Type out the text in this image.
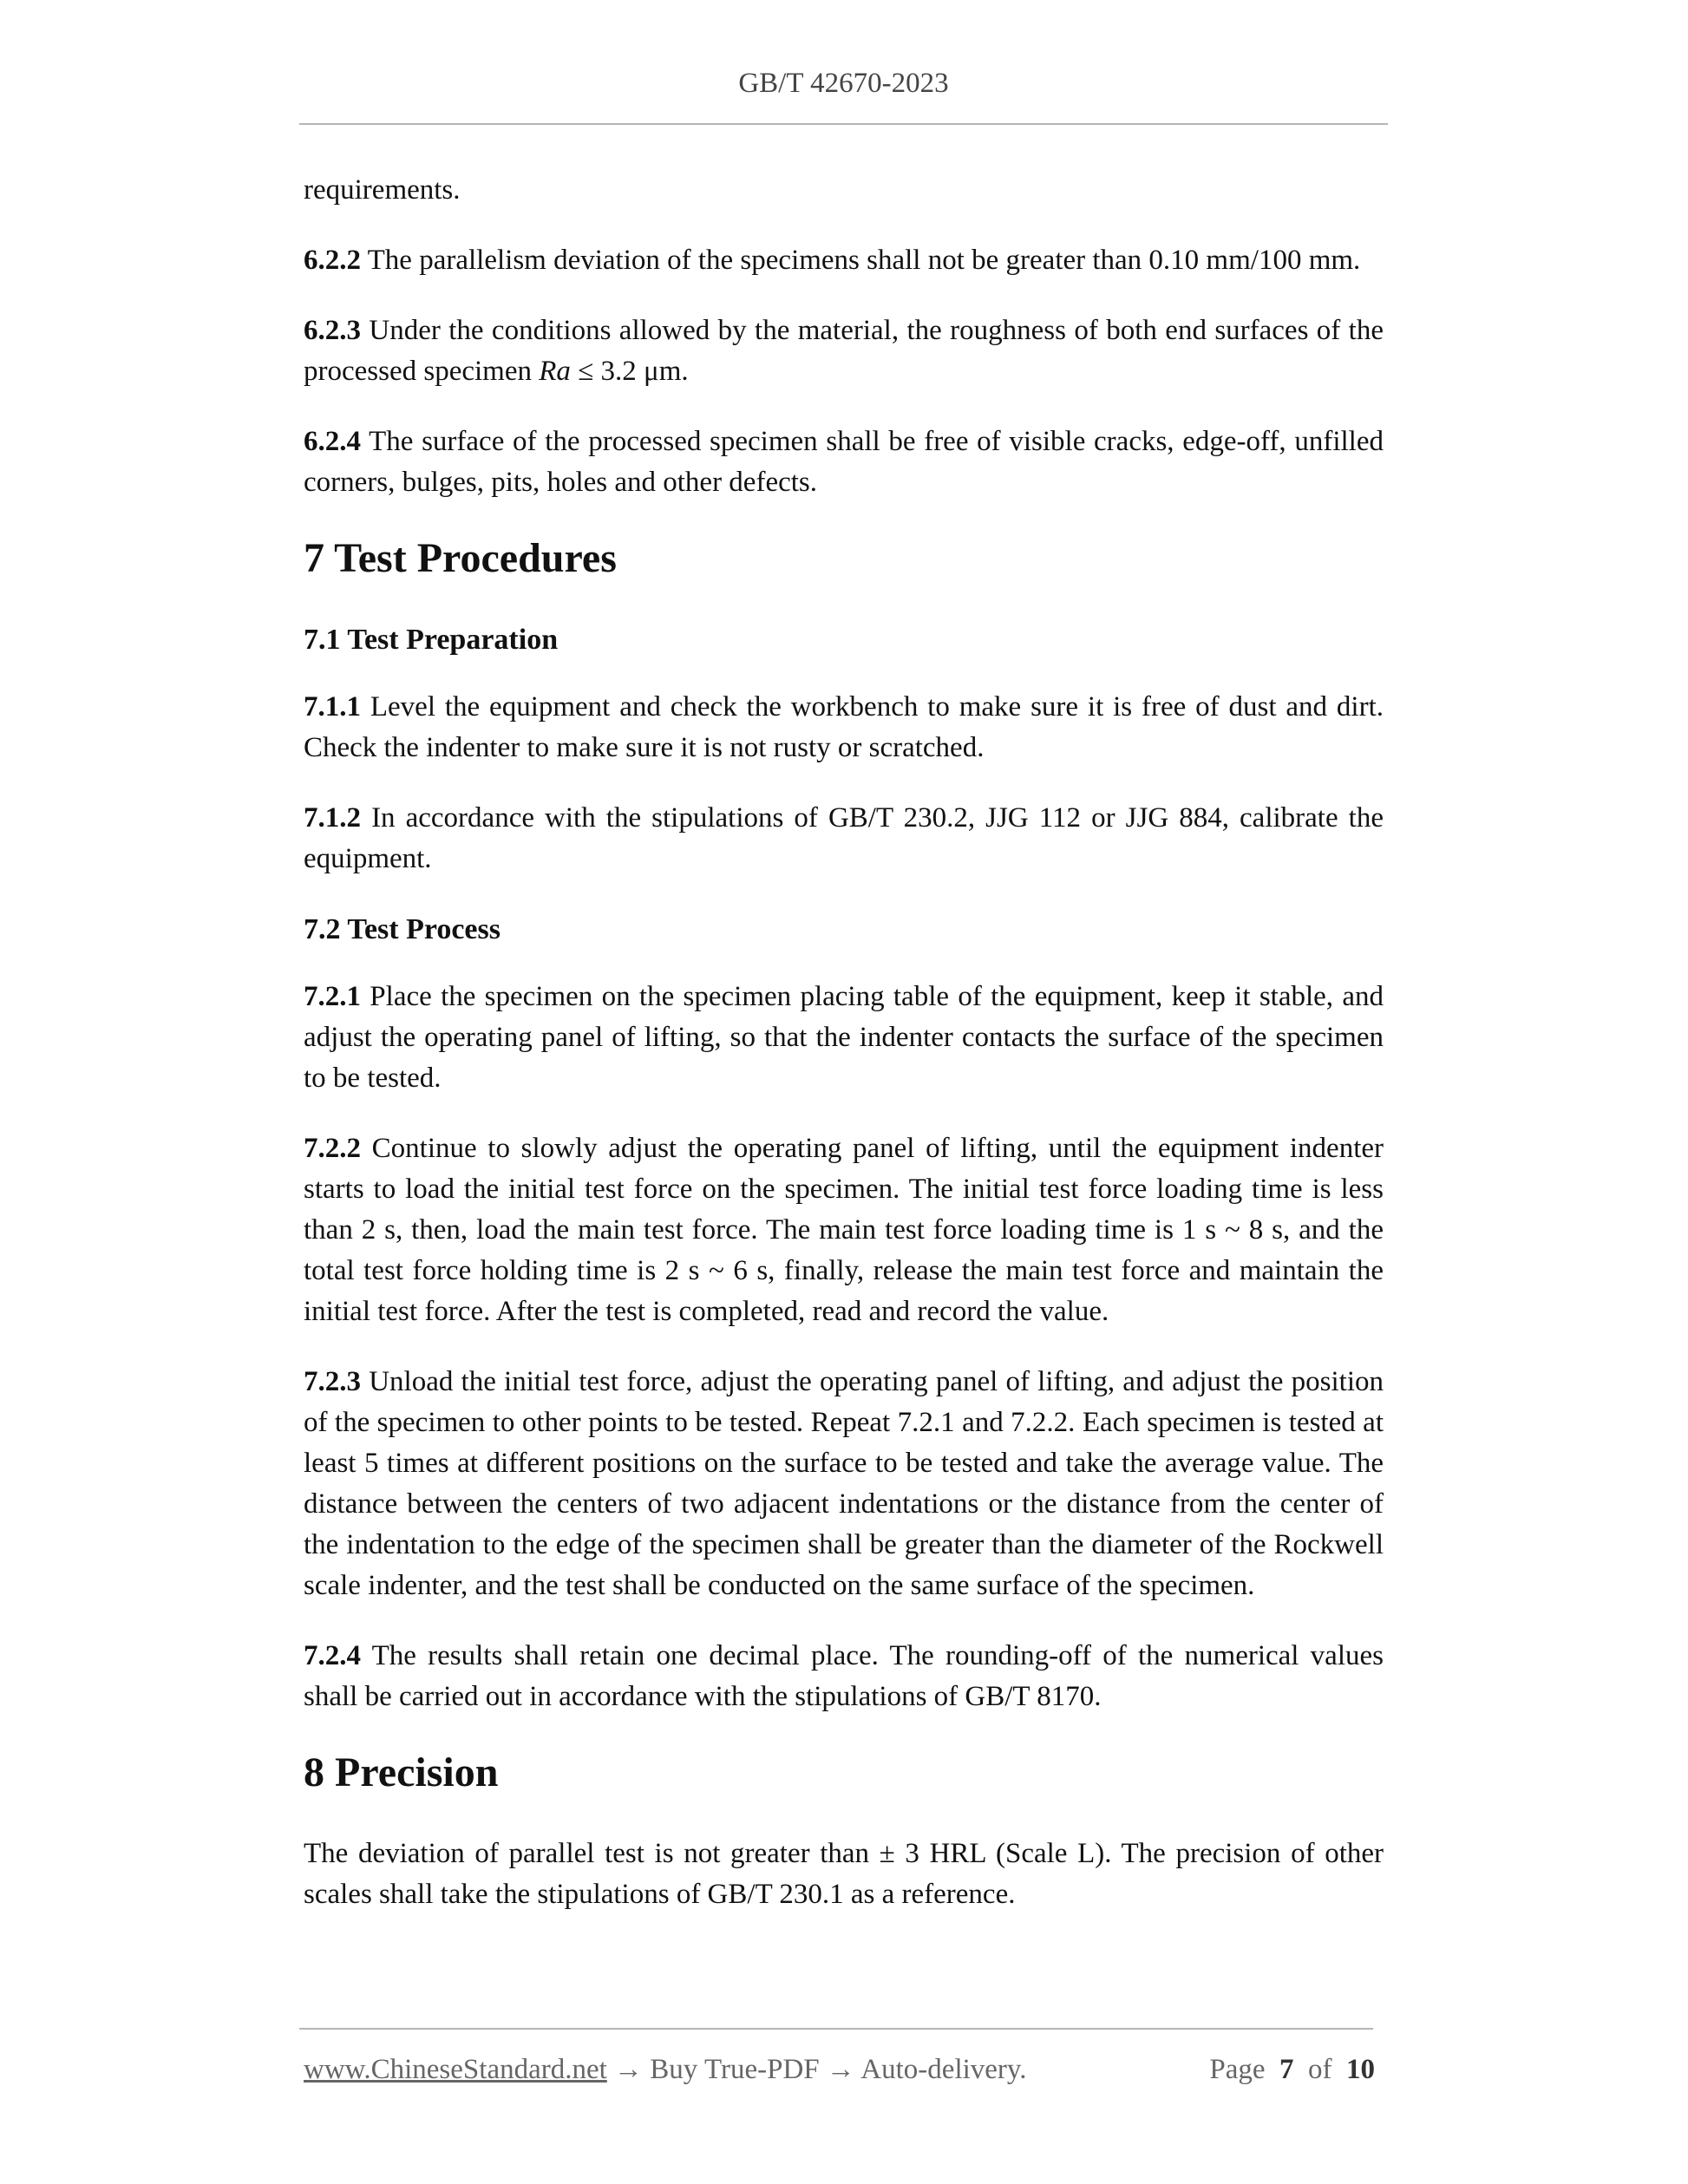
GB/T 42670-2023

requirements.

6.2.2 The parallelism deviation of the specimens shall not be greater than 0.10 mm/100 mm.

6.2.3 Under the conditions allowed by the material, the roughness of both end surfaces of the processed specimen Ra ≤ 3.2 μm.

6.2.4 The surface of the processed specimen shall be free of visible cracks, edge-off, unfilled corners, bulges, pits, holes and other defects.

7 Test Procedures
7.1 Test Preparation

7.1.1 Level the equipment and check the workbench to make sure it is free of dust and dirt. Check the indenter to make sure it is not rusty or scratched.

7.1.2 In accordance with the stipulations of GB/T 230.2, JJG 112 or JJG 884, calibrate the equipment.

7.2 Test Process

7.2.1 Place the specimen on the specimen placing table of the equipment, keep it stable, and adjust the operating panel of lifting, so that the indenter contacts the surface of the specimen to be tested.

7.2.2 Continue to slowly adjust the operating panel of lifting, until the equipment indenter starts to load the initial test force on the specimen. The initial test force loading time is less than 2 s, then, load the main test force. The main test force loading time is 1 s ~ 8 s, and the total test force holding time is 2 s ~ 6 s, finally, release the main test force and maintain the initial test force. After the test is completed, read and record the value.

7.2.3 Unload the initial test force, adjust the operating panel of lifting, and adjust the position of the specimen to other points to be tested. Repeat 7.2.1 and 7.2.2. Each specimen is tested at least 5 times at different positions on the surface to be tested and take the average value. The distance between the centers of two adjacent indentations or the distance from the center of the indentation to the edge of the specimen shall be greater than the diameter of the Rockwell scale indenter, and the test shall be conducted on the same surface of the specimen.

7.2.4 The results shall retain one decimal place. The rounding-off of the numerical values shall be carried out in accordance with the stipulations of GB/T 8170.

8 Precision

The deviation of parallel test is not greater than ± 3 HRL (Scale L). The precision of other scales shall take the stipulations of GB/T 230.1 as a reference.

www.ChineseStandard.net → Buy True-PDF → Auto-delivery.	Page 7 of 10
